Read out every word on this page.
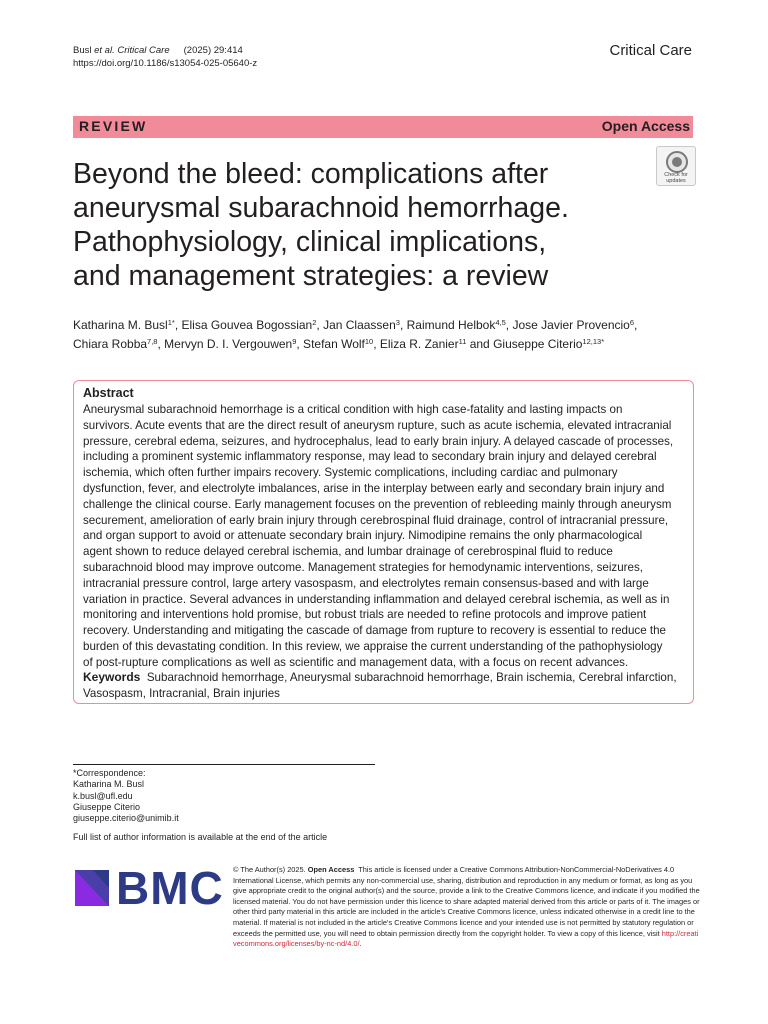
Busl et al. Critical Care (2025) 29:414
https://doi.org/10.1186/s13054-025-05640-z
Critical Care
REVIEW	Open Access
Check for
updates
Beyond the bleed: complications after
aneurysmal subarachnoid hemorrhage.
Pathophysiology, clinical implications,
and management strategies: a review
Katharina M. Busl$^{1*}$, Elisa Gouvea Bogossian$^2$, Jan Claassen$^3$, Raimund Helbok$^{4,5}$, Jose Javier Provencio$^6$,
Chiara Robba$^{7,8}$, Mervyn D. I. Vergouwen$^9$, Stefan Wolf$^{10}$, Eliza R. Zanier$^{11}$ and Giuseppe Citerio$^{12,13*}$
Abstract
Aneurysmal subarachnoid hemorrhage is a critical condition with high case-fatality and lasting impacts on
survivors. Acute events that are the direct result of aneurysm rupture, such as acute ischemia, elevated intracranial
pressure, cerebral edema, seizures, and hydrocephalus, lead to early brain injury. A delayed cascade of processes,
including a prominent systemic inflammatory response, may lead to secondary brain injury and delayed cerebral
ischemia, which often further impairs recovery. Systemic complications, including cardiac and pulmonary
dysfunction, fever, and electrolyte imbalances, arise in the interplay between early and secondary brain injury and
challenge the clinical course. Early management focuses on the prevention of rebleeding mainly through aneurysm
securement, amelioration of early brain injury through cerebrospinal fluid drainage, control of intracranial pressure,
and organ support to avoid or attenuate secondary brain injury. Nimodipine remains the only pharmacological
agent shown to reduce delayed cerebral ischemia, and lumbar drainage of cerebrospinal fluid to reduce
subarachnoid blood may improve outcome. Management strategies for hemodynamic interventions, seizures,
intracranial pressure control, large artery vasospasm, and electrolytes remain consensus-based and with large
variation in practice. Several advances in understanding inflammation and delayed cerebral ischemia, as well as in
monitoring and interventions hold promise, but robust trials are needed to refine protocols and improve patient
recovery. Understanding and mitigating the cascade of damage from rupture to recovery is essential to reduce the
burden of this devastating condition. In this review, we appraise the current understanding of the pathophysiology
of post-rupture complications as well as scientific and management data, with a focus on recent advances.
Keywords Subarachnoid hemorrhage, Aneurysmal subarachnoid hemorrhage, Brain ischemia, Cerebral infarction,
Vasospasm, Intracranial, Brain injuries
*Correspondence:
Katharina M. Busl
k.busl@ufl.edu
Giuseppe Citerio
giuseppe.citerio@unimib.it
Full list of author information is available at the end of the article
BMC © The Author(s) 2025. Open Access This article is licensed under a Creative Commons Attribution-NonCommercial-NoDerivatives 4.0
International License, which permits any non-commercial use, sharing, distribution and reproduction in any medium or format, as long as you
give appropriate credit to the original author(s) and the source, provide a link to the Creative Commons licence, and indicate if you modified the
licensed material. You do not have permission under this licence to share adapted material derived from this article or parts of it. The images or
other third party material in this article are included in the article's Creative Commons licence, unless indicated otherwise in a credit line to the
material. If material is not included in the article's Creative Commons licence and your intended use is not permitted by statutory regulation or
exceeds the permitted use, you will need to obtain permission directly from the copyright holder. To view a copy of this licence, visit http://creati
vecommons.org/licenses/by-nc-nd/4.0/.
